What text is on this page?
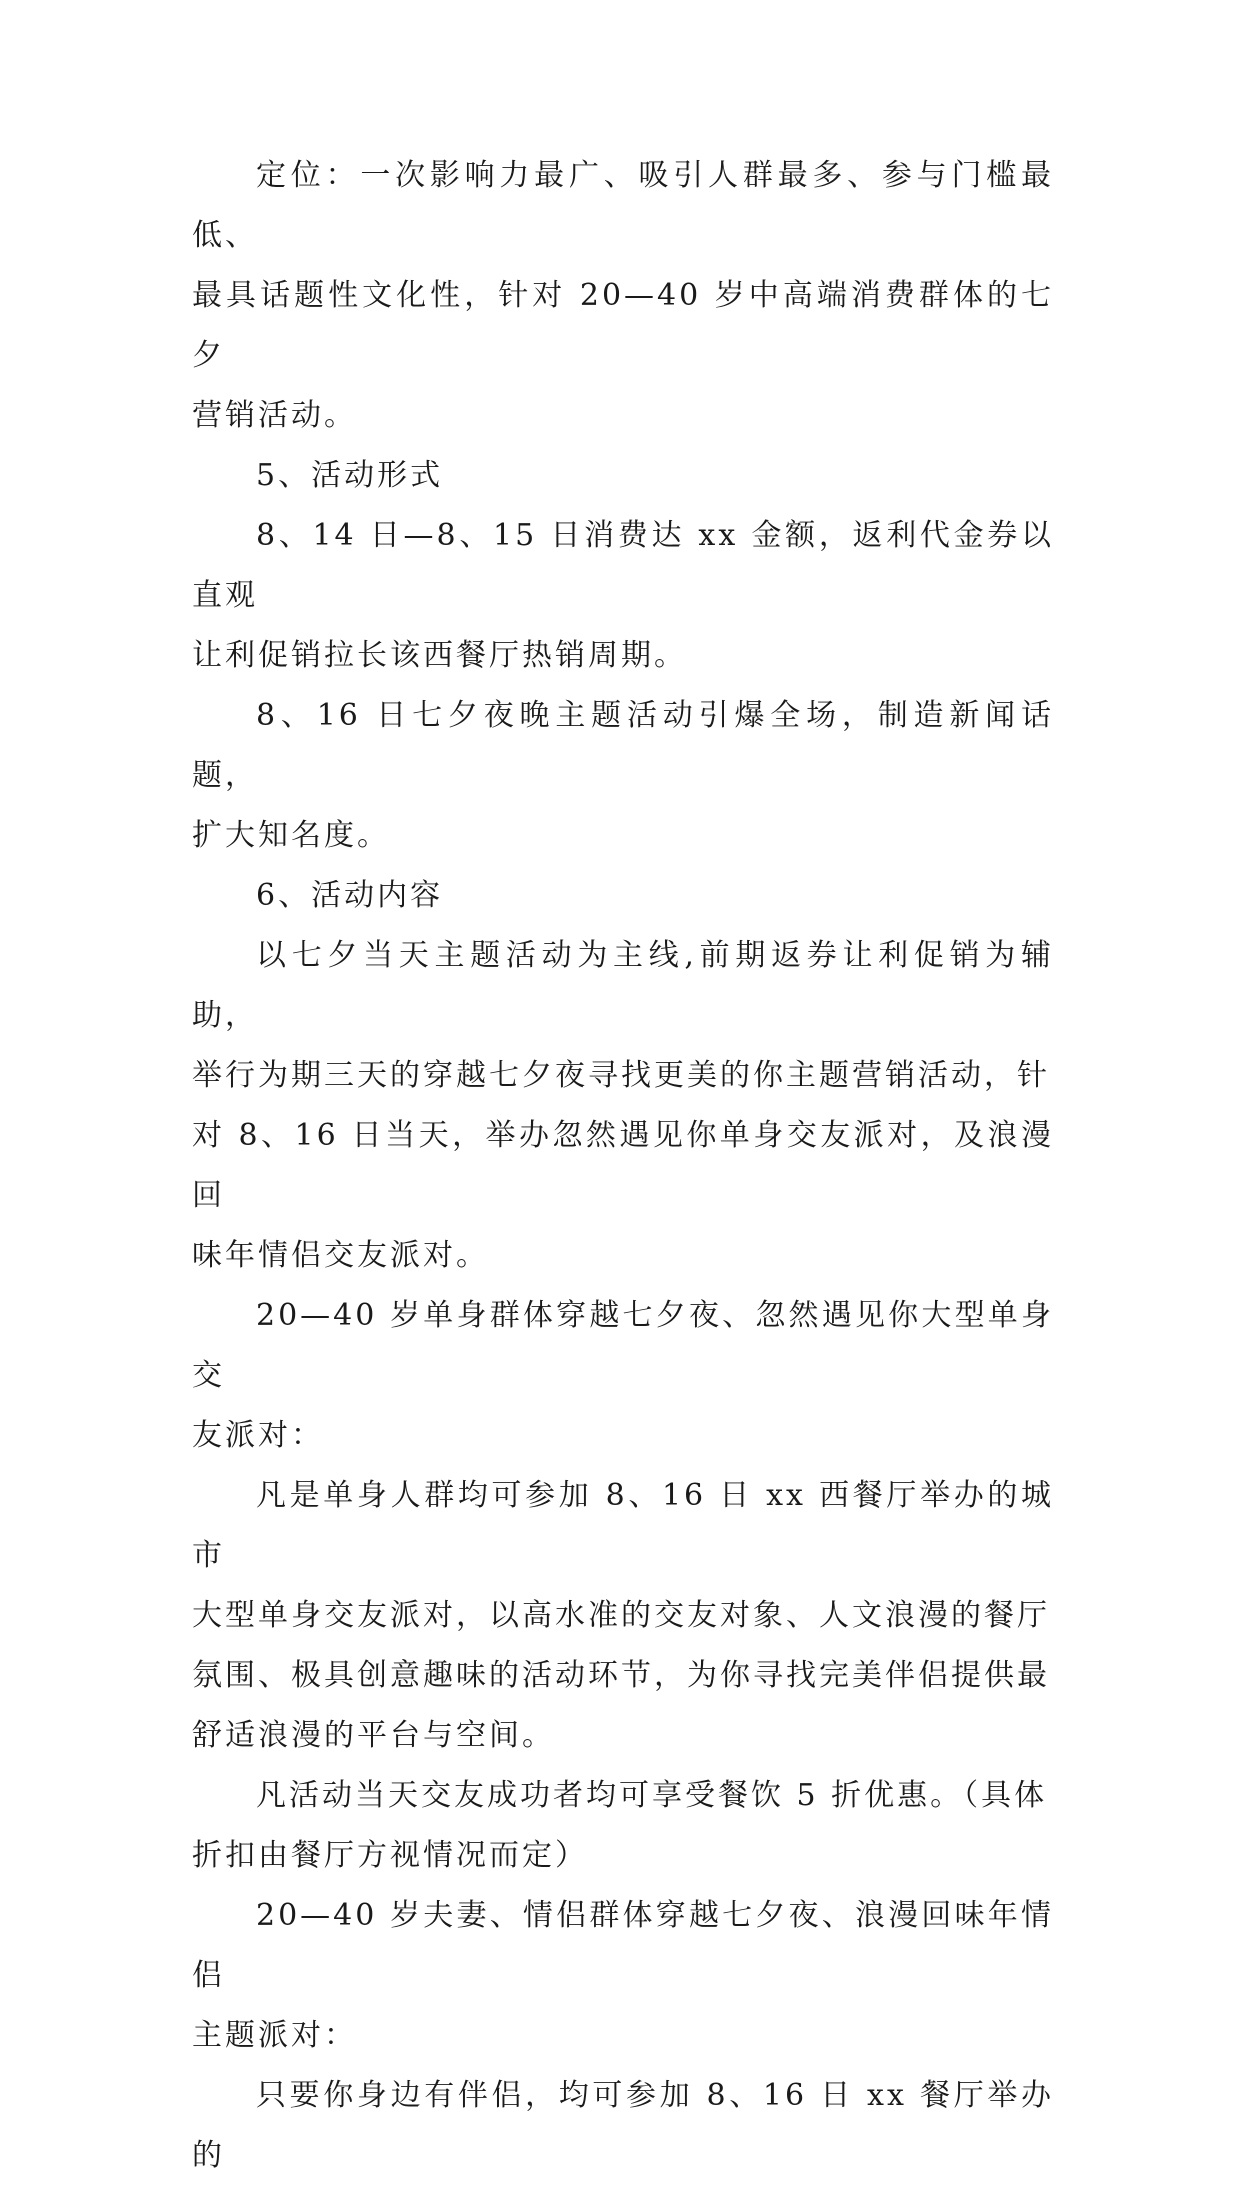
定位：一次影响力最广、吸引人群最多、参与门槛最低、
最具话题性文化性，针对 20—40 岁中高端消费群体的七夕
营销活动。

5、活动形式

8、14 日—8、15 日消费达 xx 金额，返利代金券以直观
让利促销拉长该西餐厅热销周期。

8、16 日七夕夜晚主题活动引爆全场，制造新闻话题，
扩大知名度。

6、活动内容

以七夕当天主题活动为主线,前期返券让利促销为辅助，
举行为期三天的穿越七夕夜寻找更美的你主题营销活动，针
对 8、16 日当天，举办忽然遇见你单身交友派对，及浪漫回
味年情侣交友派对。

20—40 岁单身群体穿越七夕夜、忽然遇见你大型单身交
友派对：

凡是单身人群均可参加 8、16 日 xx 西餐厅举办的城市
大型单身交友派对，以高水准的交友对象、人文浪漫的餐厅
氛围、极具创意趣味的活动环节，为你寻找完美伴侣提供最
舒适浪漫的平台与空间。

凡活动当天交友成功者均可享受餐饮 5 折优惠。（具体
折扣由餐厅方视情况而定）

20—40 岁夫妻、情侣群体穿越七夕夜、浪漫回味年情侣
主题派对：

只要你身边有伴侣，均可参加 8、16 日 xx 餐厅举办的
